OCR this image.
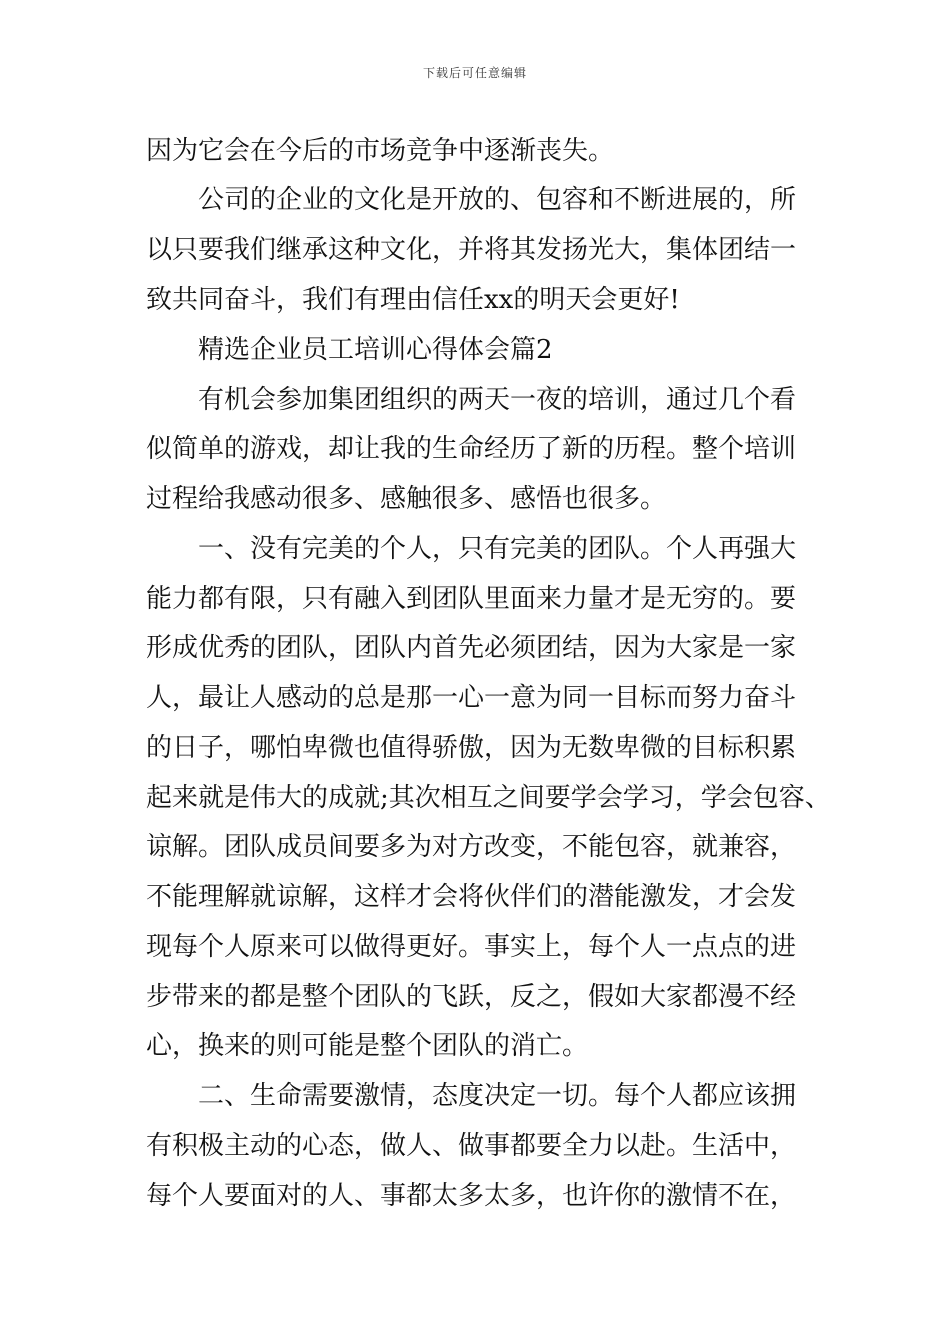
下载后可任意编辑
因为它会在今后的市场竞争中逐渐丧失。
　　公司的企业的文化是开放的、包容和不断进展的，所
以只要我们继承这种文化，并将其发扬光大，集体团结一
致共同奋斗，我们有理由信任xx的明天会更好!
　　精选企业员工培训心得体会篇2
　　有机会参加集团组织的两天一夜的培训，通过几个看
似简单的游戏，却让我的生命经历了新的历程。整个培训
过程给我感动很多、感触很多、感悟也很多。
　　一、没有完美的个人，只有完美的团队。个人再强大
能力都有限，只有融入到团队里面来力量才是无穷的。要
形成优秀的团队，团队内首先必须团结，因为大家是一家
人，最让人感动的总是那一心一意为同一目标而努力奋斗
的日子，哪怕卑微也值得骄傲，因为无数卑微的目标积累
起来就是伟大的成就;其次相互之间要学会学习，学会包容、
谅解。团队成员间要多为对方改变，不能包容，就兼容，
不能理解就谅解，这样才会将伙伴们的潜能激发，才会发
现每个人原来可以做得更好。事实上，每个人一点点的进
步带来的都是整个团队的飞跃，反之，假如大家都漫不经
心，换来的则可能是整个团队的消亡。
　　二、生命需要激情，态度决定一切。每个人都应该拥
有积极主动的心态，做人、做事都要全力以赴。生活中，
每个人要面对的人、事都太多太多，也许你的激情不在，
